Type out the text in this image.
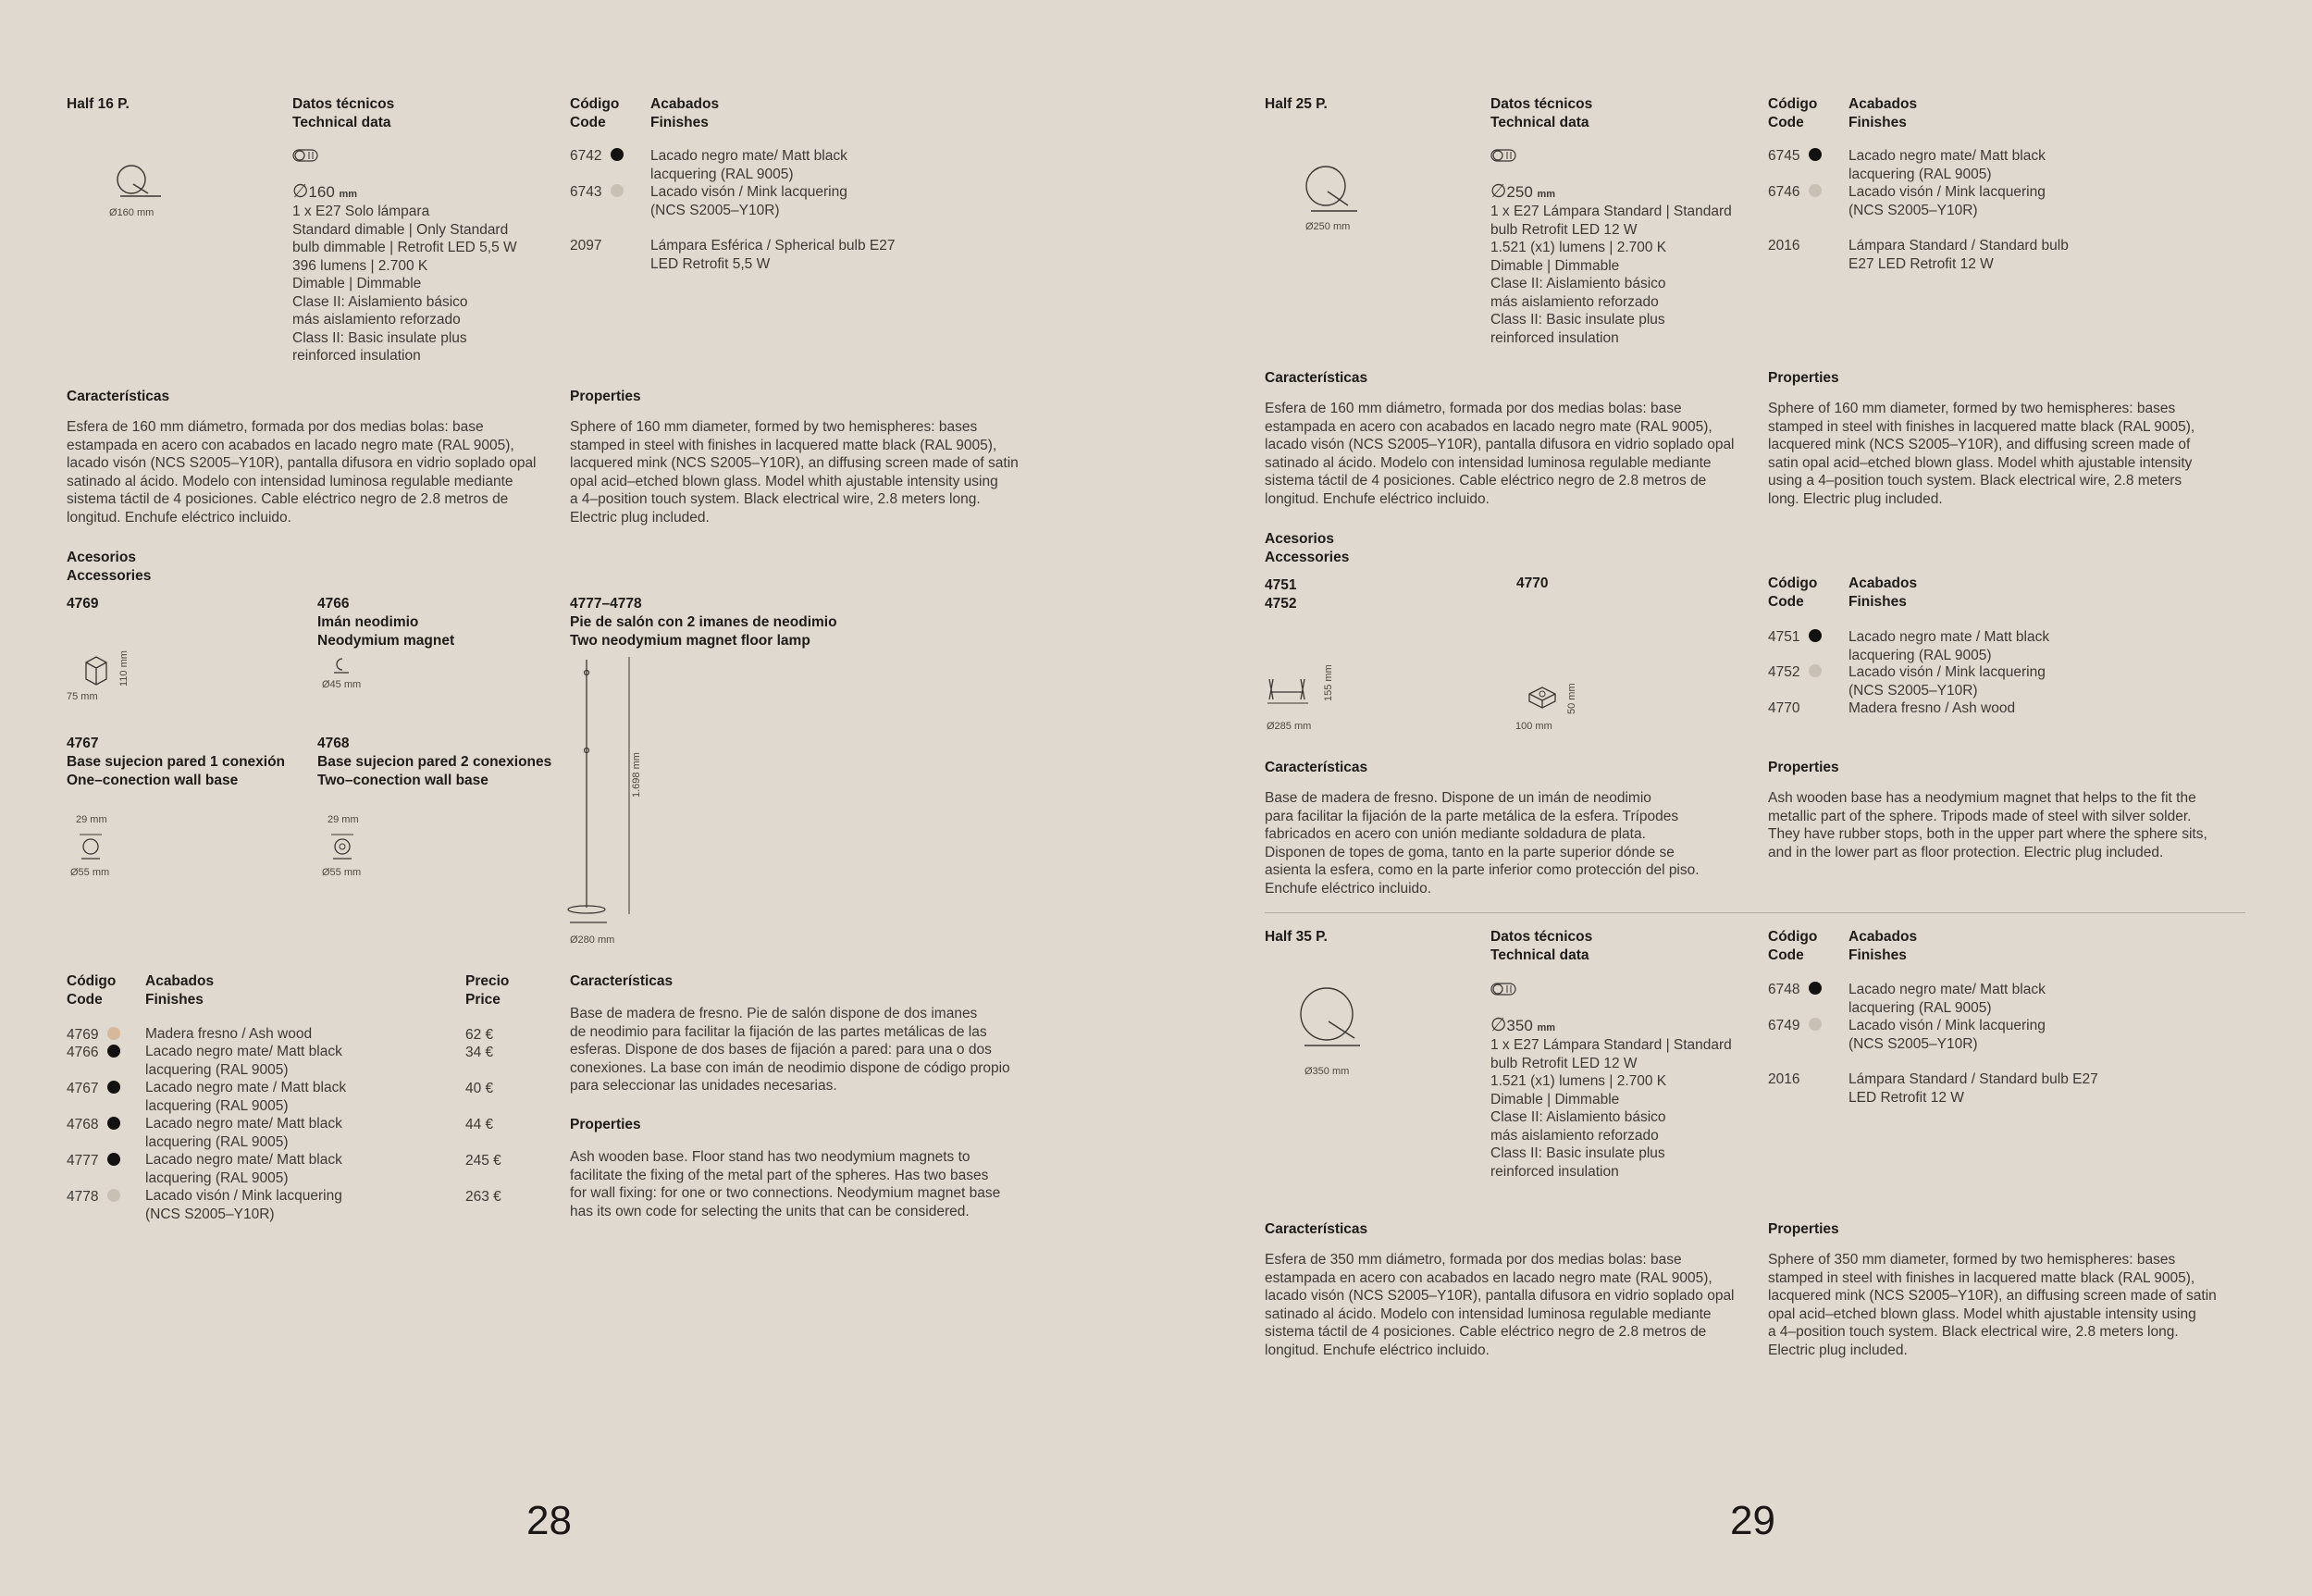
Half 16 P.	Datos técnicos
Technical data
Código
Code
Acabados
Finishes
Ø160 mm
∅160 mm
1 x E27 Solo lámpara
Standard dimable | Only Standard
bulb dimmable | Retrofit LED 5,5 W
396 lumens | 2.700 K
Dimable | Dimmable
Clase II: Aislamiento básico
más aislamiento reforzado
Class II: Basic insulate plus
reinforced insulation
6742	Lacado negro mate/ Matt black
lacquering (RAL 9005)
6743	Lacado visón / Mink lacquering
(NCS S2005–Y10R)
2097	Lámpara Esférica / Spherical bulb E27
LED Retrofit 5,5 W
Características
Esfera de 160 mm diámetro, formada por dos medias bolas: base
estampada en acero con acabados en lacado negro mate (RAL 9005),
lacado visón (NCS S2005–Y10R), pantalla difusora en vidrio soplado opal
satinado al ácido. Modelo con intensidad luminosa regulable mediante
sistema táctil de 4 posiciones. Cable eléctrico negro de 2.8 metros de
longitud. Enchufe eléctrico incluido.
Properties
Sphere of 160 mm diameter, formed by two hemispheres: bases
stamped in steel with finishes in lacquered matte black (RAL 9005),
lacquered mink (NCS S2005–Y10R), an diffusing screen made of satin
opal acid–etched blown glass. Model whith ajustable intensity using
a 4–position touch system. Black electrical wire, 2.8 meters long.
Electric plug included.
Acesorios
Accessories
4769
75 mm
110 mm
4766
Imán neodimio
Neodymium magnet
Ø45 mm
4777–4778
Pie de salón con 2 imanes de neodimio
Two neodymium magnet floor lamp
1.698 mm
Ø280 mm
4767
Base sujecion pared 1 conexión
One–conection wall base
29 mm
Ø55 mm
4768
Base sujecion pared 2 conexiones
Two–conection wall base
29 mm
Ø55 mm
Código
Code
Acabados
Finishes
Precio
Price
4769	Madera fresno / Ash wood	62 €
4766	Lacado negro mate/ Matt black
lacquering (RAL 9005)
34 €
4767	Lacado negro mate / Matt black
lacquering (RAL 9005)
40 €
4768	Lacado negro mate/ Matt black
lacquering (RAL 9005)
44 €
4777	Lacado negro mate/ Matt black
lacquering (RAL 9005)
245 €
4778	Lacado visón / Mink lacquering
(NCS S2005–Y10R)
263 €
Características
Base de madera de fresno. Pie de salón dispone de dos imanes
de neodimio para facilitar la fijación de las partes metálicas de las
esferas. Dispone de dos bases de fijación a pared: para una o dos
conexiones. La base con imán de neodimio dispone de código propio
para seleccionar las unidades necesarias.
Properties
Ash wooden base. Floor stand has two neodymium magnets to
facilitate the fixing of the metal part of the spheres. Has two bases
for wall fixing: for one or two connections. Neodymium magnet base
has its own code for selecting the units that can be considered.
28
Half 25 P.	Datos técnicos
Technical data
Código
Code
Acabados
Finishes
Ø250 mm
∅250 mm
1 x E27 Lámpara Standard | Standard
bulb Retrofit LED 12 W
1.521 (x1) lumens | 2.700 K
Dimable | Dimmable
Clase II: Aislamiento básico
más aislamiento reforzado
Class II: Basic insulate plus
reinforced insulation
6745	Lacado negro mate/ Matt black
lacquering (RAL 9005)
6746	Lacado visón / Mink lacquering
(NCS S2005–Y10R)
2016	Lámpara Standard / Standard bulb
E27 LED Retrofit 12 W
Características
Esfera de 160 mm diámetro, formada por dos medias bolas: base
estampada en acero con acabados en lacado negro mate (RAL 9005),
lacado visón (NCS S2005–Y10R), pantalla difusora en vidrio soplado opal
satinado al ácido. Modelo con intensidad luminosa regulable mediante
sistema táctil de 4 posiciones. Cable eléctrico negro de 2.8 metros de
longitud. Enchufe eléctrico incluido.
Properties
Sphere of 160 mm diameter, formed by two hemispheres: bases
stamped in steel with finishes in lacquered matte black (RAL 9005),
lacquered mink (NCS S2005–Y10R), and diffusing screen made of
satin opal acid–etched blown glass. Model whith ajustable intensity
using a 4–position touch system. Black electrical wire, 2.8 meters
long. Electric plug included.
Acesorios
Accessories
4751
4752
155 mm
Ø285 mm
4770
50 mm
100 mm
Código
Code
Acabados
Finishes
4751	Lacado negro mate / Matt black
lacquering (RAL 9005)
4752	Lacado visón / Mink lacquering
(NCS S2005–Y10R)
4770	Madera fresno / Ash wood
Características
Base de madera de fresno. Dispone de un imán de neodimio
para facilitar la fijación de la parte metálica de la esfera. Trípodes
fabricados en acero con unión mediante soldadura de plata.
Disponen de topes de goma, tanto en la parte superior dónde se
asienta la esfera, como en la parte inferior como protección del piso.
Enchufe eléctrico incluido.
Properties
Ash wooden base has a neodymium magnet that helps to the fit the
metallic part of the sphere. Tripods made of steel with silver solder.
They have rubber stops, both in the upper part where the sphere sits,
and in the lower part as floor protection. Electric plug included.
Half 35 P.	Datos técnicos
Technical data
Código
Code
Acabados
Finishes
Ø350 mm
∅350 mm
1 x E27 Lámpara Standard | Standard
bulb Retrofit LED 12 W
1.521 (x1) lumens | 2.700 K
Dimable | Dimmable
Clase II: Aislamiento básico
más aislamiento reforzado
Class II: Basic insulate plus
reinforced insulation
6748	Lacado negro mate/ Matt black
lacquering (RAL 9005)
6749	Lacado visón / Mink lacquering
(NCS S2005–Y10R)
2016	Lámpara Standard / Standard bulb E27
LED Retrofit 12 W
Características
Esfera de 350 mm diámetro, formada por dos medias bolas: base
estampada en acero con acabados en lacado negro mate (RAL 9005),
lacado visón (NCS S2005–Y10R), pantalla difusora en vidrio soplado opal
satinado al ácido. Modelo con intensidad luminosa regulable mediante
sistema táctil de 4 posiciones. Cable eléctrico negro de 2.8 metros de
longitud. Enchufe eléctrico incluido.
Properties
Sphere of 350 mm diameter, formed by two hemispheres: bases
stamped in steel with finishes in lacquered matte black (RAL 9005),
lacquered mink (NCS S2005–Y10R), an diffusing screen made of satin
opal acid–etched blown glass. Model whith ajustable intensity using
a 4–position touch system. Black electrical wire, 2.8 meters long.
Electric plug included.
29
